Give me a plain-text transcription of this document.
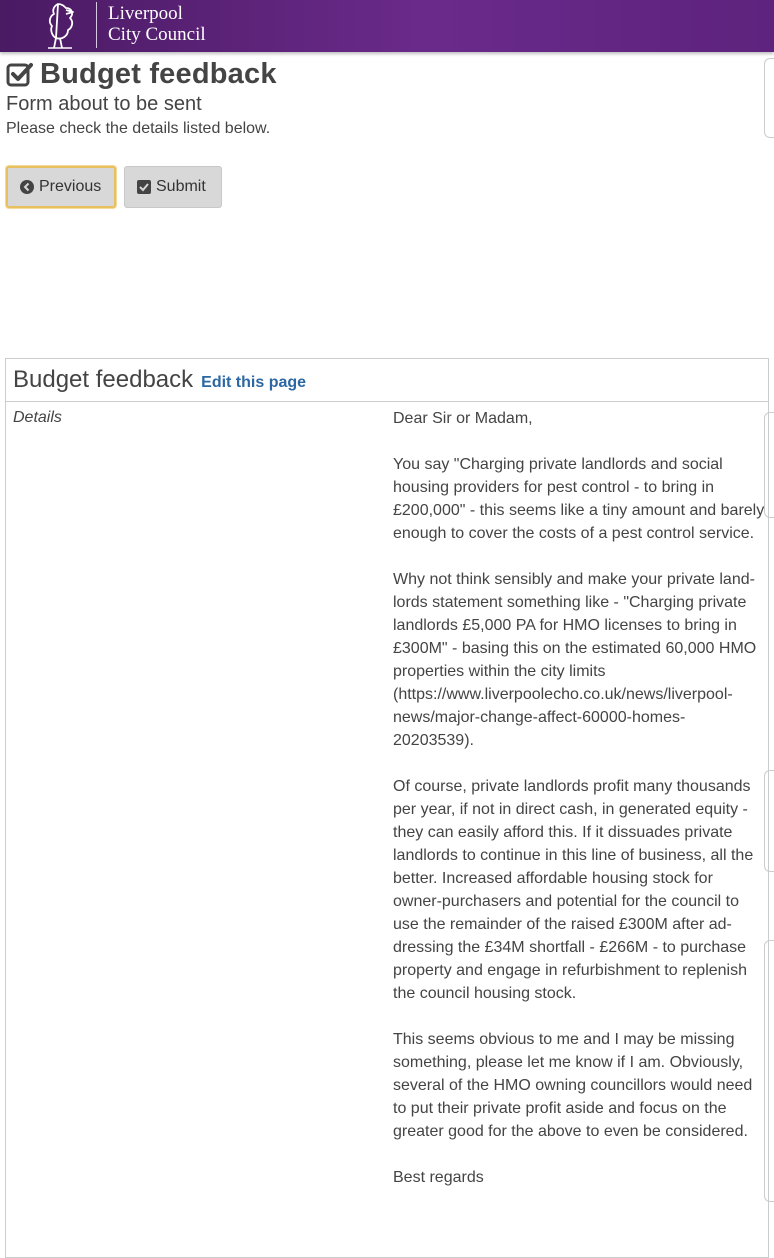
Liverpool
City Council
Budget feedback
Form about to be sent
Please check the details listed below.
Previous	Submit
Budget feedback Edit this page
Details	Dear Sir or Madam,

You say "Charging private landlords and social housing providers for pest control - to bring in £200,000" - this seems like a tiny amount and barely enough to cover the costs of a pest control service.

Why not think sensibly and make your private landlords statement something like - "Charging private landlords £5,000 PA for HMO licenses to bring in £300M" - basing this on the estimated 60,000 HMO properties within the city limits (https://www.liverpoolecho.co.uk/news/liverpool-news/major-change-affect-60000-homes-20203539).

Of course, private landlords profit many thousands per year, if not in direct cash, in generated equity - they can easily afford this. If it dissuades private landlords to continue in this line of business, all the better. Increased affordable housing stock for owner-purchasers and potential for the council to use the remainder of the raised £300M after addressing the £34M shortfall - £266M - to purchase property and engage in refurbishment to replenish the council housing stock.

This seems obvious to me and I may be missing something, please let me know if I am. Obviously, several of the HMO owning councillors would need to put their private profit aside and focus on the greater good for the above to even be considered.

Best regards
